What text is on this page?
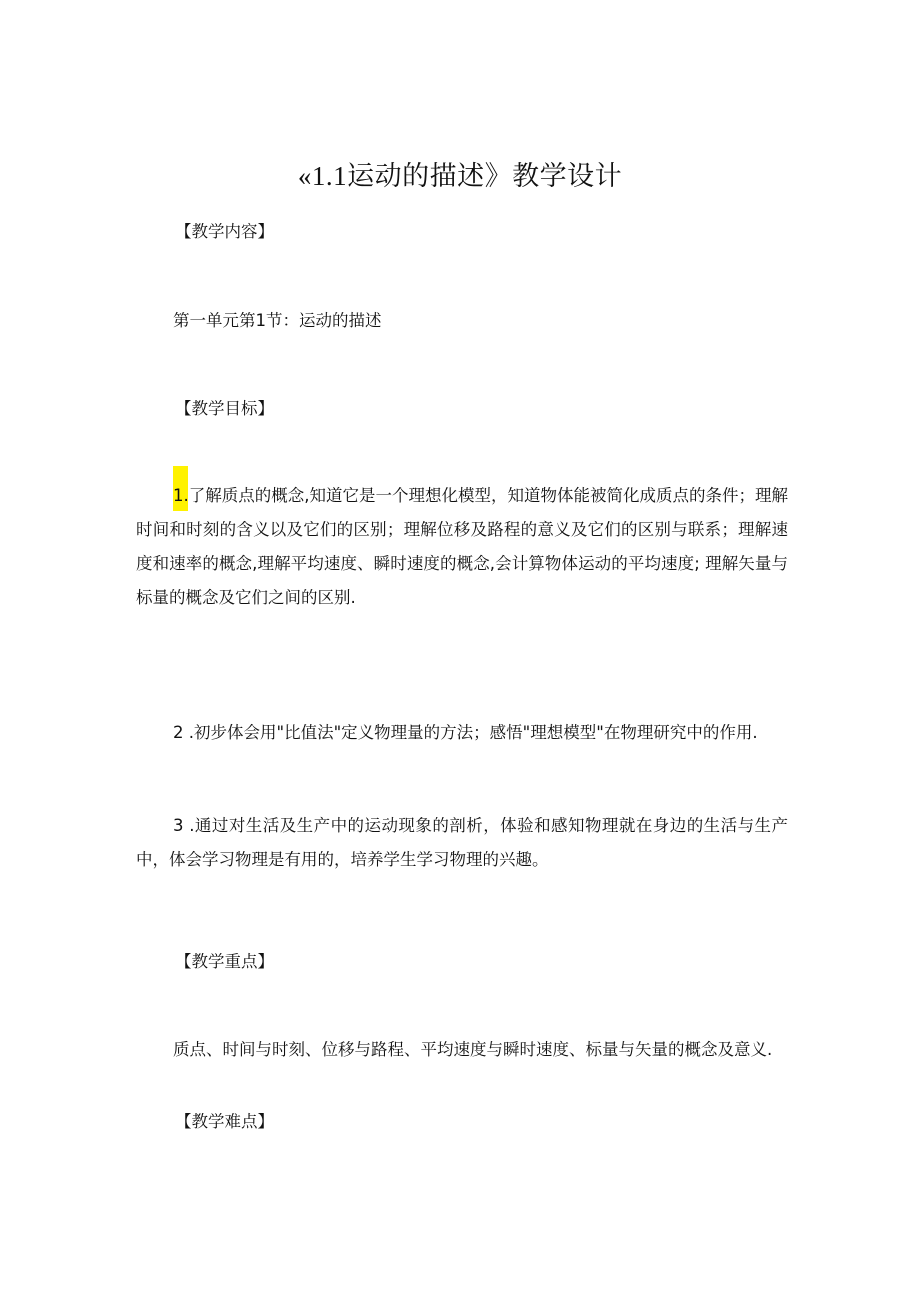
«1.1运动的描述》教学设计
【教学内容】
第一单元第1节：运动的描述
【教学目标】
1.了解质点的概念,知道它是一个理想化模型，知道物体能被简化成质点的条件；理解时间和时刻的含义以及它们的区别；理解位移及路程的意义及它们的区别与联系；理解速度和速率的概念,理解平均速度、瞬时速度的概念,会计算物体运动的平均速度; 理解矢量与标量的概念及它们之间的区别.
2 .初步体会用"比值法"定义物理量的方法；感悟"理想模型"在物理研究中的作用.
3 .通过对生活及生产中的运动现象的剖析，体验和感知物理就在身边的生活与生产中，体会学习物理是有用的，培养学生学习物理的兴趣。
【教学重点】
质点、时间与时刻、位移与路程、平均速度与瞬时速度、标量与矢量的概念及意义.
【教学难点】
